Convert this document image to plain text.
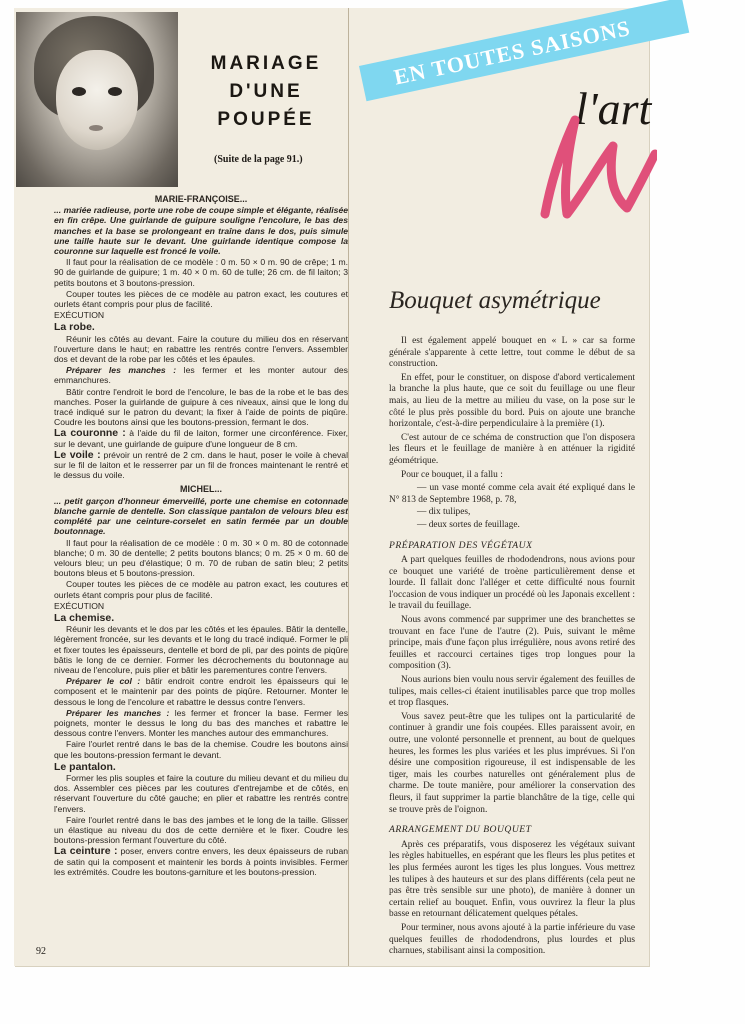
MARIAGE
D'UNE
POUPÉE
(Suite de la page 91.)

MARIE-FRANÇOISE...

... mariée radieuse, porte une robe de coupe simple et élégante, réalisée en fin crêpe. Une guirlande de guipure souligne l'encolure, le bas des manches et la base se prolongeant en traîne dans le dos, puis simule une taille haute sur le devant. Une guirlande identique compose la couronne sur laquelle est froncé le voile.

Il faut pour la réalisation de ce modèle : 0 m. 50 × 0 m. 90 de crêpe; 1 m. 90 de guirlande de guipure; 1 m. 40 × 0 m. 60 de tulle; 26 cm. de fil laiton; 3 petits boutons et 3 boutons-pression.

Couper toutes les pièces de ce modèle au patron exact, les coutures et ourlets étant compris pour plus de facilité.

EXÉCUTION

La robe.

Réunir les côtés au devant. Faire la couture du milieu dos en réservant l'ouverture dans le haut; en rabattre les rentrés contre l'envers. Assembler dos et devant de la robe par les côtés et les épaules.

Préparer les manches : les fermer et les monter autour des emmanchures.

Bâtir contre l'endroit le bord de l'encolure, le bas de la robe et le bas des manches. Poser la guirlande de guipure à ces niveaux, ainsi que le long du tracé indiqué sur le patron du devant; la fixer à l'aide de points de piqûre. Coudre les boutons ainsi que les boutons-pression, fermant le dos.

La couronne : à l'aide du fil de laiton, former une circonférence. Fixer, sur le devant, une guirlande de guipure d'une longueur de 8 cm.

Le voile : prévoir un rentré de 2 cm. dans le haut, poser le voile à cheval sur le fil de laiton et le resserrer par un fil de fronces maintenant le rentré et le dessus du voile.

MICHEL...

... petit garçon d'honneur émerveillé, porte une chemise en cotonnade blanche garnie de dentelle. Son classique pantalon de velours bleu est complété par une ceinture-corselet en satin fermée par un double boutonnage.

Il faut pour la réalisation de ce modèle : 0 m. 30 × 0 m. 80 de cotonnade blanche; 0 m. 30 de dentelle; 2 petits boutons blancs; 0 m. 25 × 0 m. 60 de velours bleu; un peu d'élastique; 0 m. 70 de ruban de satin bleu; 2 petits boutons bleus et 5 boutons-pression.

Couper toutes les pièces de ce modèle au patron exact, les coutures et ourlets étant compris pour plus de facilité.

EXÉCUTION

La chemise.

Réunir les devants et le dos par les côtés et les épaules. Bâtir la dentelle, légèrement froncée, sur les devants et le long du tracé indiqué. Former le pli et fixer toutes les épaisseurs, dentelle et bord de pli, par des points de piqûre bâtis le long de ce dernier. Former les décrochements du boutonnage au niveau de l'encolure, puis plier et bâtir les parementures contre l'envers.

Préparer le col : bâtir endroit contre endroit les épaisseurs qui le composent et le maintenir par des points de piqûre. Retourner. Monter le dessous le long de l'encolure et rabattre le dessus contre l'envers.

Préparer les manches : les fermer et froncer la base. Fermer les poignets, monter le dessus le long du bas des manches et rabattre le dessous contre l'envers. Monter les manches autour des emmanchures.

Faire l'ourlet rentré dans le bas de la chemise. Coudre les boutons ainsi que les boutons-pression fermant le devant.

Le pantalon.

Former les plis souples et faire la couture du milieu devant et du milieu du dos. Assembler ces pièces par les coutures d'entrejambe et de côtés, en réservant l'ouverture du côté gauche; en plier et rabattre les rentrés contre l'envers.

Faire l'ourlet rentré dans le bas des jambes et le long de la taille. Glisser un élastique au niveau du dos de cette dernière et le fixer. Coudre les boutons-pression fermant l'ouverture du côté.

La ceinture : poser, envers contre envers, les deux épaisseurs de ruban de satin qui la composent et maintenir les bords à points invisibles. Fermer les extrémités. Coudre les boutons-garniture et les boutons-pression.

92
EN TOUTES SAISONS
l'art

Bouquet asymétrique

Il est également appelé bouquet en « L » car sa forme générale s'apparente à cette lettre, tout comme le début de sa construction.

En effet, pour le constituer, on dispose d'abord verticalement la branche la plus haute, que ce soit du feuillage ou une fleur mais, au lieu de la mettre au milieu du vase, on la pose sur le côté le plus près possible du bord. Puis on ajoute une branche horizontale, c'est-à-dire perpendiculaire à la première (1).

C'est autour de ce schéma de construction que l'on disposera les fleurs et le feuillage de manière à en atténuer la rigidité géométrique.

Pour ce bouquet, il a fallu :

— un vase monté comme cela avait été expliqué dans le N° 813 de Septembre 1968, p. 78,

— dix tulipes,

— deux sortes de feuillage.

PRÉPARATION DES VÉGÉTAUX

A part quelques feuilles de rhododendrons, nous avions pour ce bouquet une variété de troène particulièrement dense et lourde. Il fallait donc l'alléger et cette difficulté nous fournit l'occasion de vous indiquer un procédé où les Japonais excellent : le travail du feuillage.

Nous avons commencé par supprimer une des branchettes se trouvant en face l'une de l'autre (2). Puis, suivant le même principe, mais d'une façon plus irrégulière, nous avons retiré des feuilles et raccourci certaines tiges trop longues pour la composition (3).

Nous aurions bien voulu nous servir également des feuilles de tulipes, mais celles-ci étaient inutilisables parce que trop molles et trop flasques.

Vous savez peut-être que les tulipes ont la particularité de continuer à grandir une fois coupées. Elles paraissent avoir, en outre, une volonté personnelle et prennent, au bout de quelques heures, les formes les plus variées et les plus imprévues. Si l'on désire une composition rigoureuse, il est indispensable de les tiger, mais les courbes naturelles ont généralement plus de charme. De toute manière, pour améliorer la conservation des fleurs, il faut supprimer la partie blanchâtre de la tige, celle qui se trouve près de l'oignon.

ARRANGEMENT DU BOUQUET

Après ces préparatifs, vous disposerez les végétaux suivant les règles habituelles, en espérant que les fleurs les plus petites et les plus fermées auront les tiges les plus longues. Vous mettrez les tulipes à des hauteurs et sur des plans différents (cela peut ne pas être très sensible sur une photo), de manière à donner un certain relief au bouquet. Enfin, vous ouvrirez la fleur la plus basse en retournant délicatement quelques pétales.

Pour terminer, nous avons ajouté à la partie inférieure du vase quelques feuilles de rhododendrons, plus lourdes et plus charnues, stabilisant ainsi la composition.
